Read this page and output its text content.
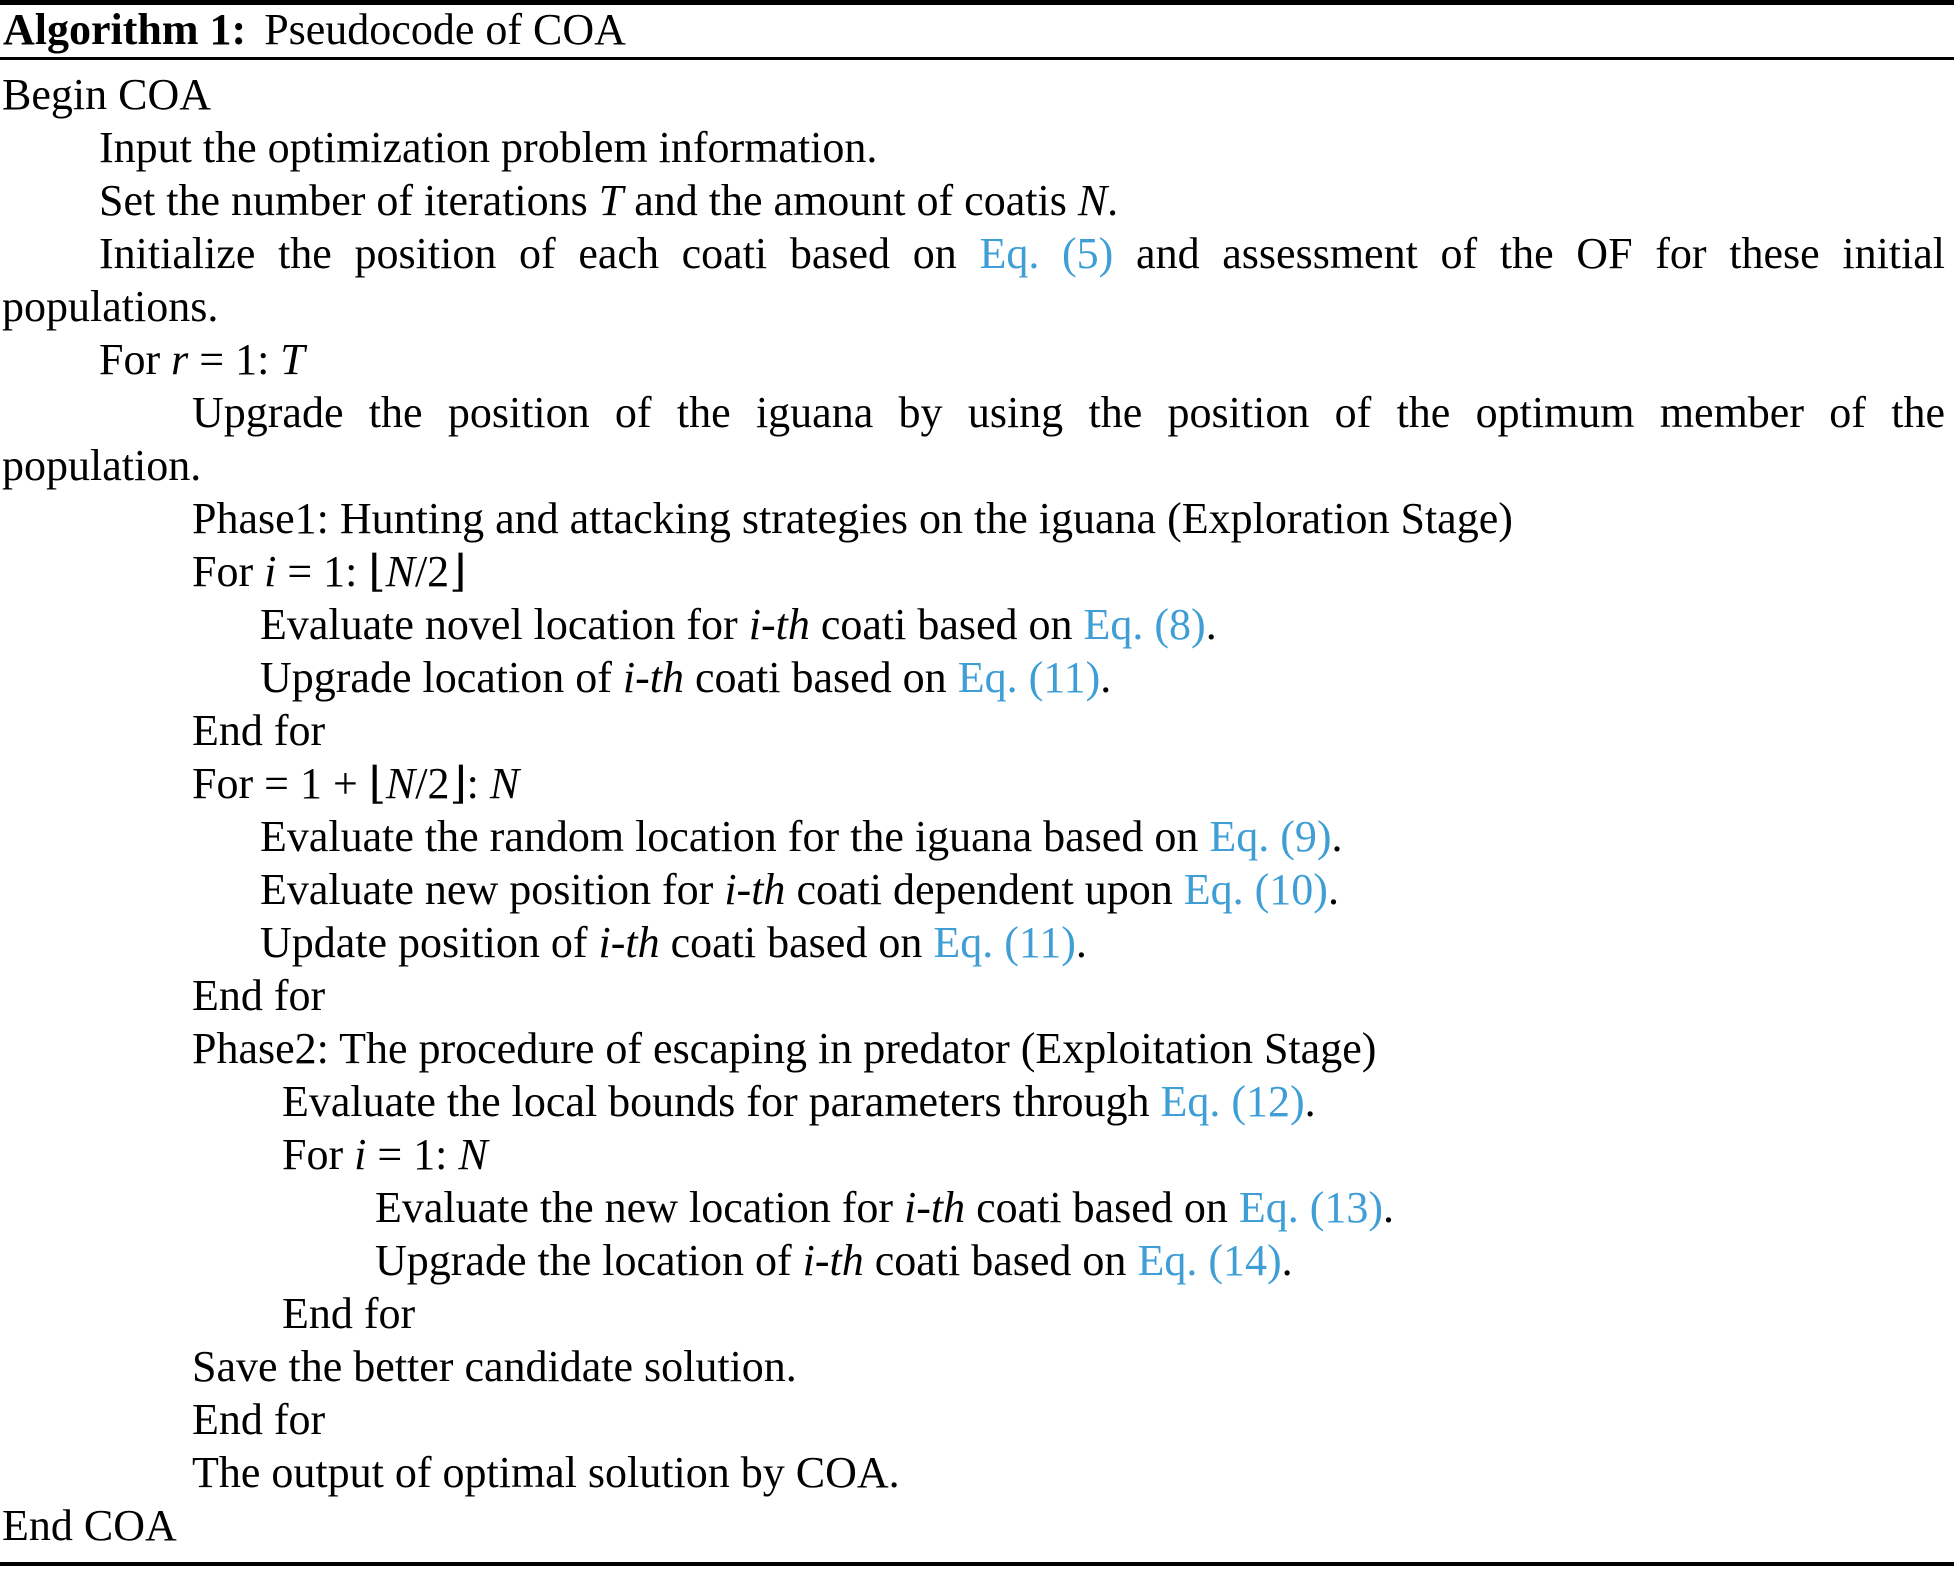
Algorithm 1: Pseudocode of COA
Begin COA
Input the optimization problem information.
Set the number of iterations T and the amount of coatis N.
Initialize the position of each coati based on Eq. (5) and assessment of the OF for these initial
populations.
For r = 1: T
Upgrade the position of the iguana by using the position of the optimum member of the
population.
Phase1: Hunting and attacking strategies on the iguana (Exploration Stage)
For i = 1: ⌊N/2⌋
Evaluate novel location for i-th coati based on Eq. (8).
Upgrade location of i-th coati based on Eq. (11).
End for
For = 1 + ⌊N/2⌋: N
Evaluate the random location for the iguana based on Eq. (9).
Evaluate new position for i-th coati dependent upon Eq. (10).
Update position of i-th coati based on Eq. (11).
End for
Phase2: The procedure of escaping in predator (Exploitation Stage)
Evaluate the local bounds for parameters through Eq. (12).
For i = 1: N
Evaluate the new location for i-th coati based on Eq. (13).
Upgrade the location of i-th coati based on Eq. (14).
End for
Save the better candidate solution.
End for
The output of optimal solution by COA.
End COA
